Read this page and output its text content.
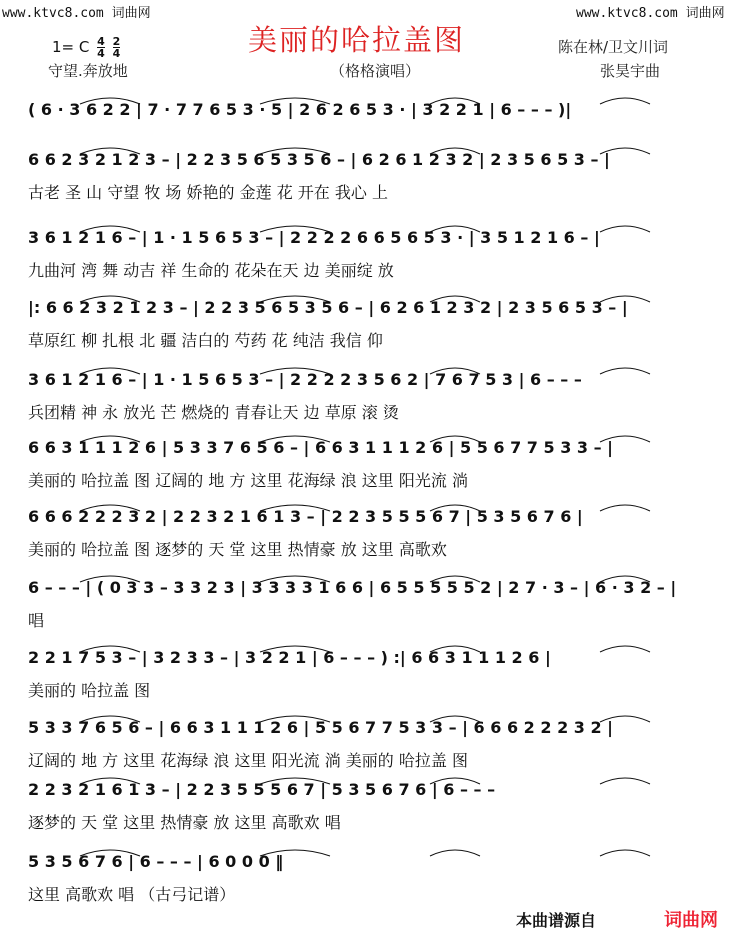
www.ktvc8.com 词曲网	www.ktvc8.com 词曲网
美丽的哈拉盖图
1= C $\frac{4}{4}$
$\frac{2}{4}$
守望.奔放地	（格格演唱）
陈在林/卫文川词
张昊宇曲
( 6 · 3 6 2 2 | 7 · 7 7 6 5 3 · 5 | 2 6 2 6 5 3 · | 3 2 2 1 | 6 – – – )|
6 6 2 3 2 1 2 3 – | 2 2 3 5 6 5 3 5 6 – | 6 2 6 1 2 3 2 | 2 3 5 6 5 3 – |
古老 圣 山 守望 牧 场 娇艳的 金莲 花 开在 我心 上
3 6 1 2 1 6 – | 1 · 1 5 6 5 3 – | 2 2 2 2 6 6 5 6 5 3 · | 3 5 1 2 1 6 – |
九曲河 湾 舞 动吉 祥 生命的 花朵在天 边 美丽绽 放
|: 6 6 2 3 2 1 2 3 – | 2 2 3 5 6 5 3 5 6 – | 6 2 6 1 2 3 2 | 2 3 5 6 5 3 – |
草原红 柳 扎根 北 疆 洁白的 芍药 花 纯洁 我信 仰
3 6 1 2 1 6 – | 1 · 1 5 6 5 3 – | 2 2 2 2 3 5 6 2 | 7 6 7 5 3 | 6 – – –
兵团精 神 永 放光 芒 燃烧的 青春让天 边 草原 滚 烫
6 6 3 1 1 1 2 6 | 5 3 3 7 6 5 6 – | 6 6 3 1 1 1 2 6 | 5 5 6 7 7 5 3 3 – |
美丽的 哈拉盖 图 辽阔的 地 方 这里 花海绿 浪 这里 阳光流 淌
6 6 6 2 2 2 3 2 | 2 2 3 2 1 6 1 3 – | 2 2 3 5 5 5 6 7 | 5 3 5 6 7 6 |
美丽的 哈拉盖 图 逐梦的 天 堂 这里 热情豪 放 这里 高歌欢
6 – – – | ( 0 3 3 – 3 3 2 3 | 3 3 3 3 1 6 6 | 6 5 5 5 5 5 2 | 2 7 · 3 – | 6 · 3 2 – |
唱
2 2 1 7 5 3 – | 3 2 3 3 – | 3 2 2 1 | 6 – – – ) :| 6 6 3 1 1 1 2 6 |
美丽的 哈拉盖 图
5 3 3 7 6 5 6 – | 6 6 3 1 1 1 2 6 | 5 5 6 7 7 5 3 3 – | 6 6 6 2 2 2 3 2 |
辽阔的 地 方 这里 花海绿 浪 这里 阳光流 淌 美丽的 哈拉盖 图
2 2 3 2 1 6 1 3 – | 2 2 3 5 5 5 6 7 | 5 3 5 6 7 6 | 6 – – –
逐梦的 天 堂 这里 热情豪 放 这里 高歌欢 唱
5 3 5 6 7 6 | 6 – – – | 6 0 0 0 ‖
这里 高歌欢 唱 （古弓记谱）
本曲谱源自	词曲网
